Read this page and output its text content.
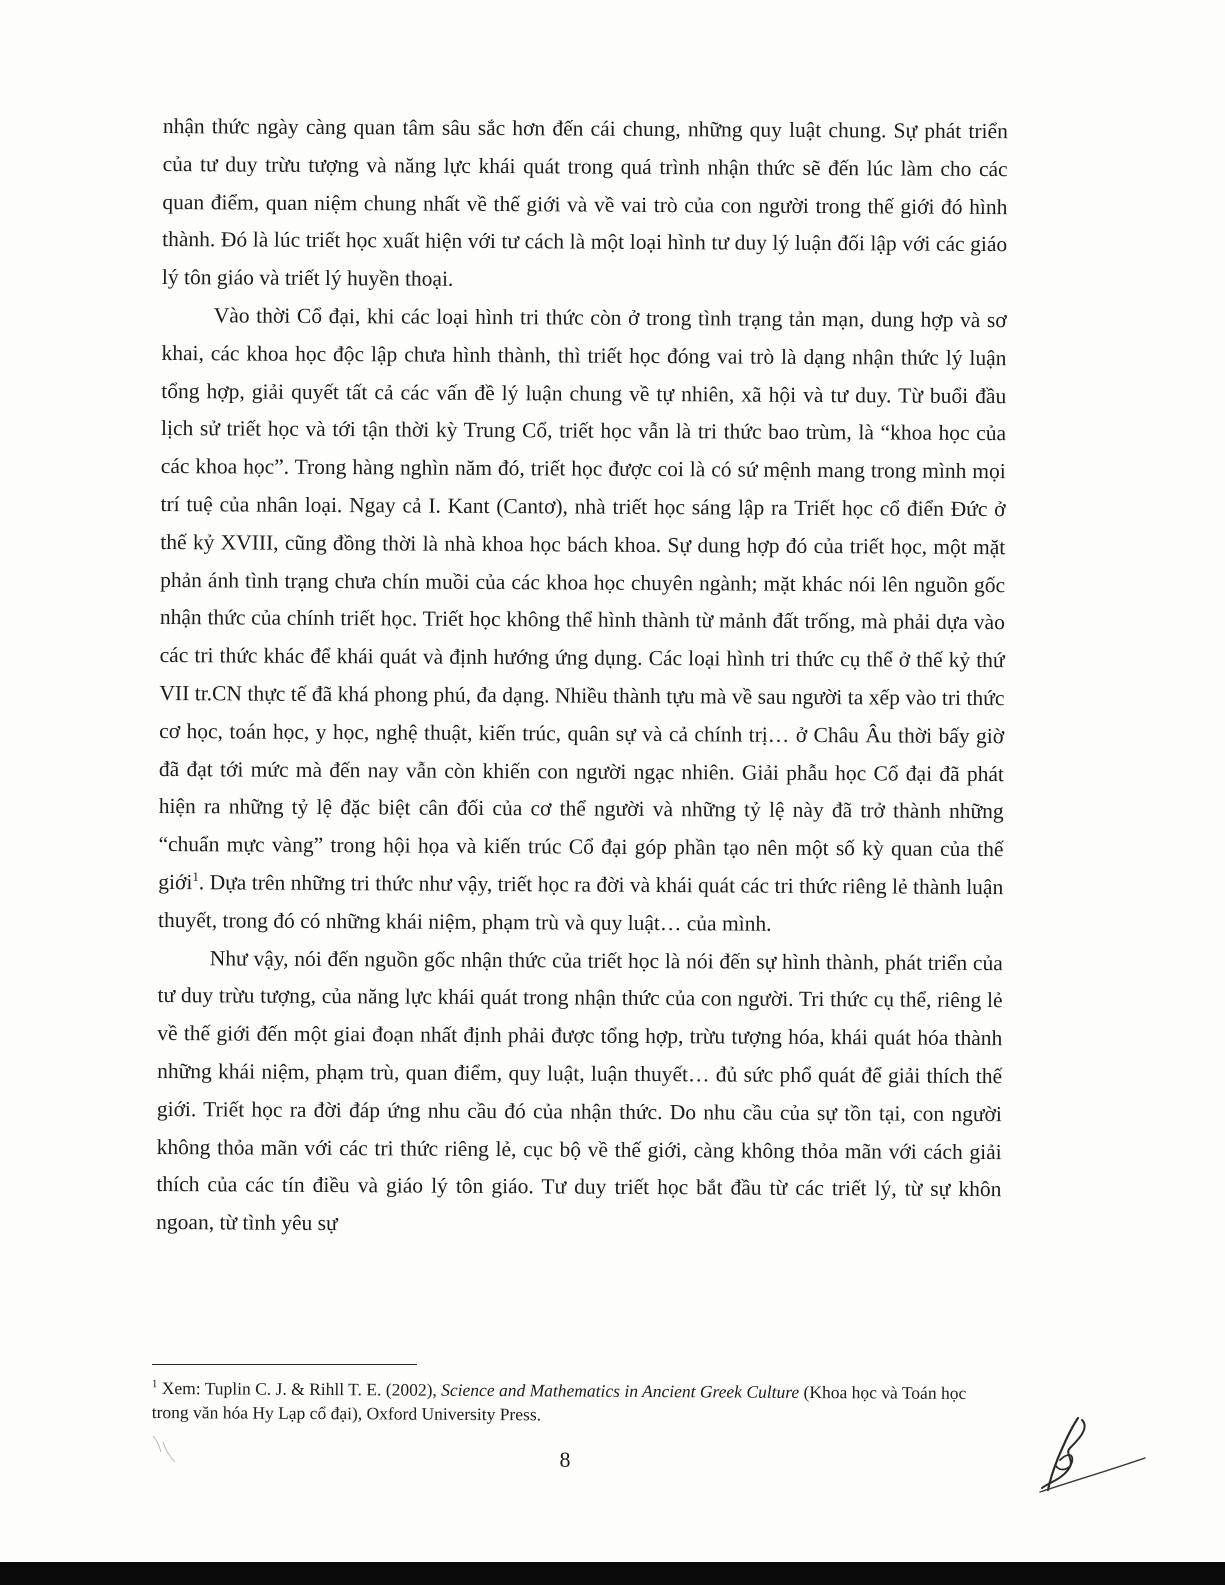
nhận thức ngày càng quan tâm sâu sắc hơn đến cái chung, những quy luật chung. Sự phát triển của tư duy trừu tượng và năng lực khái quát trong quá trình nhận thức sẽ đến lúc làm cho các quan điểm, quan niệm chung nhất về thế giới và về vai trò của con người trong thế giới đó hình thành. Đó là lúc triết học xuất hiện với tư cách là một loại hình tư duy lý luận đối lập với các giáo lý tôn giáo và triết lý huyền thoại.

Vào thời Cổ đại, khi các loại hình tri thức còn ở trong tình trạng tản mạn, dung hợp và sơ khai, các khoa học độc lập chưa hình thành, thì triết học đóng vai trò là dạng nhận thức lý luận tổng hợp, giải quyết tất cả các vấn đề lý luận chung về tự nhiên, xã hội và tư duy. Từ buổi đầu lịch sử triết học và tới tận thời kỳ Trung Cổ, triết học vẫn là tri thức bao trùm, là “khoa học của các khoa học”. Trong hàng nghìn năm đó, triết học được coi là có sứ mệnh mang trong mình mọi trí tuệ của nhân loại. Ngay cả I. Kant (Cantơ), nhà triết học sáng lập ra Triết học cổ điển Đức ở thế kỷ XVIII, cũng đồng thời là nhà khoa học bách khoa. Sự dung hợp đó của triết học, một mặt phản ánh tình trạng chưa chín muồi của các khoa học chuyên ngành; mặt khác nói lên nguồn gốc nhận thức của chính triết học. Triết học không thể hình thành từ mảnh đất trống, mà phải dựa vào các tri thức khác để khái quát và định hướng ứng dụng. Các loại hình tri thức cụ thể ở thế kỷ thứ VII tr.CN thực tế đã khá phong phú, đa dạng. Nhiều thành tựu mà về sau người ta xếp vào tri thức cơ học, toán học, y học, nghệ thuật, kiến trúc, quân sự và cả chính trị… ở Châu Âu thời bấy giờ đã đạt tới mức mà đến nay vẫn còn khiến con người ngạc nhiên. Giải phẫu học Cổ đại đã phát hiện ra những tỷ lệ đặc biệt cân đối của cơ thể người và những tỷ lệ này đã trở thành những “chuẩn mực vàng” trong hội họa và kiến trúc Cổ đại góp phần tạo nên một số kỳ quan của thế giới$^1$. Dựa trên những tri thức như vậy, triết học ra đời và khái quát các tri thức riêng lẻ thành luận thuyết, trong đó có những khái niệm, phạm trù và quy luật… của mình.

Như vậy, nói đến nguồn gốc nhận thức của triết học là nói đến sự hình thành, phát triển của tư duy trừu tượng, của năng lực khái quát trong nhận thức của con người. Tri thức cụ thể, riêng lẻ về thế giới đến một giai đoạn nhất định phải được tổng hợp, trừu tượng hóa, khái quát hóa thành những khái niệm, phạm trù, quan điểm, quy luật, luận thuyết… đủ sức phổ quát để giải thích thế giới. Triết học ra đời đáp ứng nhu cầu đó của nhận thức. Do nhu cầu của sự tồn tại, con người không thỏa mãn với các tri thức riêng lẻ, cục bộ về thế giới, càng không thỏa mãn với cách giải thích của các tín điều và giáo lý tôn giáo. Tư duy triết học bắt đầu từ các triết lý, từ sự khôn ngoan, từ tình yêu sự

$^1$ Xem: Tuplin C. J. & Rihll T. E. (2002), Science and Mathematics in Ancient Greek Culture (Khoa học và Toán học trong văn hóa Hy Lạp cổ đại), Oxford University Press.
8
